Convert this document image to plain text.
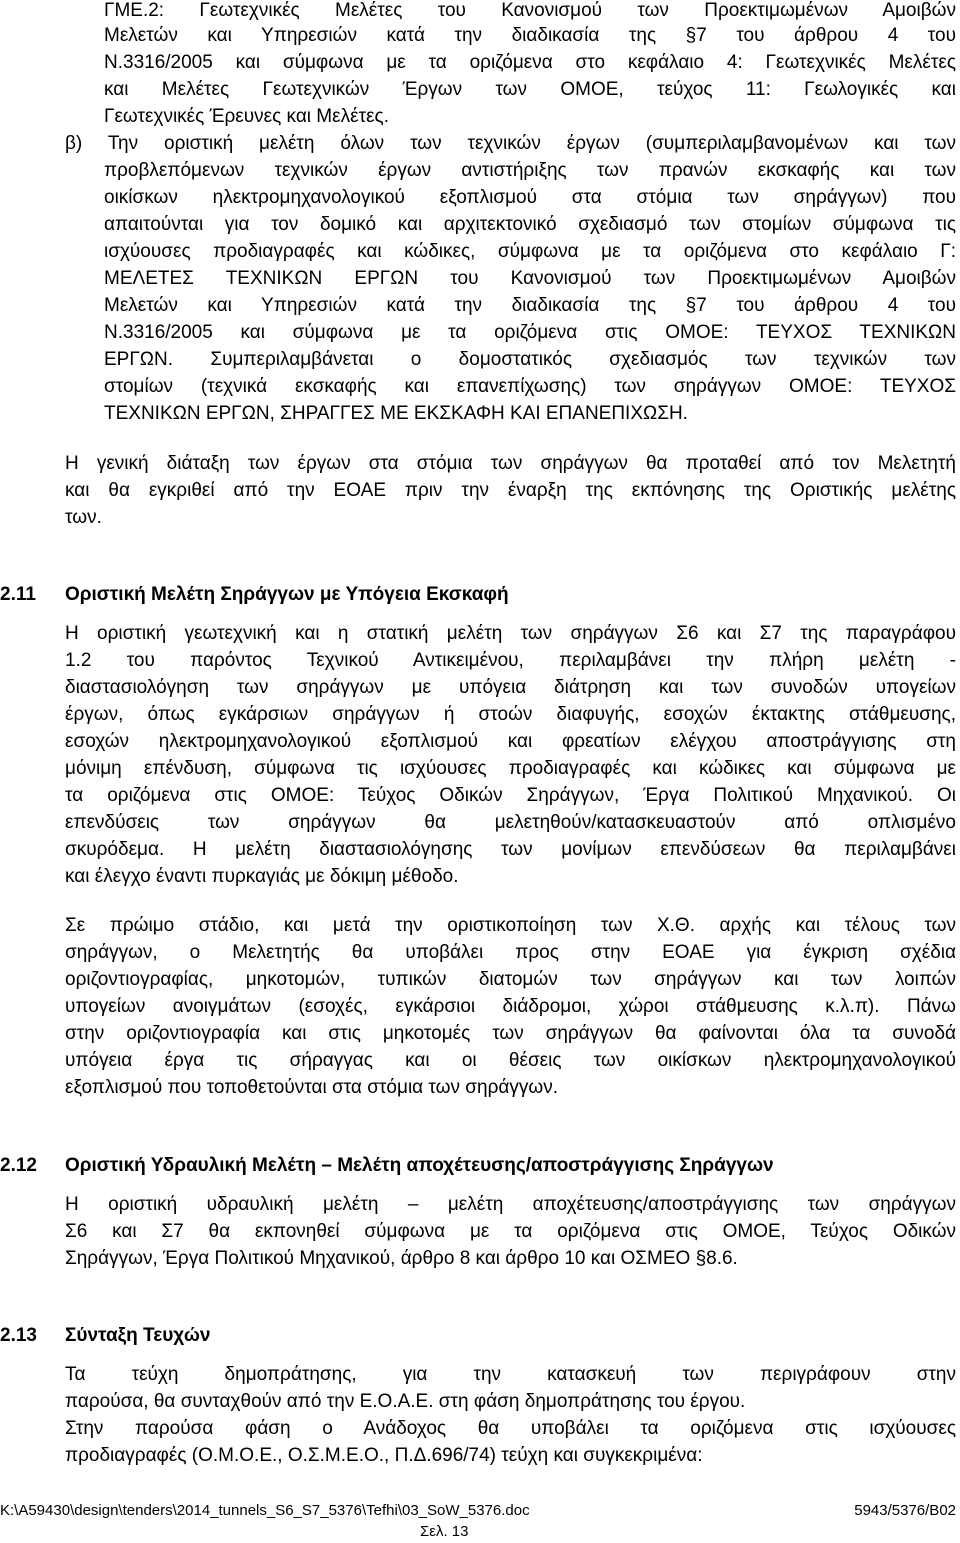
ΓΜΕ.2: Γεωτεχνικές Μελέτες του Κανονισμού των Προεκτιμωμένων Αμοιβών
Μελετών και Υπηρεσιών κατά την διαδικασία της §7 του άρθρου 4 του
Ν.3316/2005 και σύμφωνα με τα οριζόμενα στο κεφάλαιο 4: Γεωτεχνικές Μελέτες
και Μελέτες Γεωτεχνικών Έργων των ΟΜΟΕ, τεύχος 11: Γεωλογικές και
Γεωτεχνικές Έρευνες και Μελέτες.
β) Την οριστική μελέτη όλων των τεχνικών έργων (συμπεριλαμβανομένων και των
προβλεπόμενων τεχνικών έργων αντιστήριξης των πρανών εκσκαφής και των
οικίσκων ηλεκτρομηχανολογικού εξοπλισμού στα στόμια των σηράγγων) που
απαιτούνται για τον δομικό και αρχιτεκτονικό σχεδιασμό των στομίων σύμφωνα τις
ισχύουσες προδιαγραφές και κώδικες, σύμφωνα με τα οριζόμενα στο κεφάλαιο Γ:
ΜΕΛΕΤΕΣ ΤΕΧΝΙΚΩΝ ΕΡΓΩΝ του Κανονισμού των Προεκτιμωμένων Αμοιβών
Μελετών και Υπηρεσιών κατά την διαδικασία της §7 του άρθρου 4 του
Ν.3316/2005 και σύμφωνα με τα οριζόμενα στις ΟΜΟΕ: ΤΕΥΧΟΣ ΤΕΧΝΙΚΩΝ
ΕΡΓΩΝ. Συμπεριλαμβάνεται ο δομοστατικός σχεδιασμός των τεχνικών των
στομίων (τεχνικά εκσκαφής και επανεπίχωσης) των σηράγγων ΟΜΟΕ: ΤΕΥΧΟΣ
ΤΕΧΝΙΚΩΝ ΕΡΓΩΝ, ΣΗΡΑΓΓΕΣ ΜΕ ΕΚΣΚΑΦΗ ΚΑΙ ΕΠΑΝΕΠΙΧΩΣΗ.
Η γενική διάταξη των έργων στα στόμια των σηράγγων θα προταθεί από τον Μελετητή
και θα εγκριθεί από την ΕΟΑΕ πριν την έναρξη της εκπόνησης της Οριστικής μελέτης
των.
2.11 Οριστική Μελέτη Σηράγγων με Υπόγεια Εκσκαφή
Η οριστική γεωτεχνική και η στατική μελέτη των σηράγγων Σ6 και Σ7 της παραγράφου
1.2 του παρόντος Τεχνικού Αντικειμένου, περιλαμβάνει την πλήρη μελέτη -
διαστασιολόγηση των σηράγγων με υπόγεια διάτρηση και των συνοδών υπογείων
έργων, όπως εγκάρσιων σηράγγων ή στοών διαφυγής, εσοχών έκτακτης στάθμευσης,
εσοχών ηλεκτρομηχανολογικού εξοπλισμού και φρεατίων ελέγχου αποστράγγισης στη
μόνιμη επένδυση, σύμφωνα τις ισχύουσες προδιαγραφές και κώδικες και σύμφωνα με
τα οριζόμενα στις ΟΜΟΕ: Τεύχος Οδικών Σηράγγων, Έργα Πολιτικού Μηχανικού. Οι
επενδύσεις των σηράγγων θα μελετηθούν/κατασκευαστούν από οπλισμένο
σκυρόδεμα. Η μελέτη διαστασιολόγησης των μονίμων επενδύσεων θα περιλαμβάνει
και έλεγχο έναντι πυρκαγιάς με δόκιμη μέθοδο.
Σε πρώιμο στάδιο, και μετά την οριστικοποίηση των Χ.Θ. αρχής και τέλους των
σηράγγων, ο Μελετητής θα υποβάλει προς στην ΕΟΑΕ για έγκριση σχέδια
οριζοντιογραφίας, μηκοτομών, τυπικών διατομών των σηράγγων και των λοιπών
υπογείων ανοιγμάτων (εσοχές, εγκάρσιοι διάδρομοι, χώροι στάθμευσης κ.λ.π). Πάνω
στην οριζοντιογραφία και στις μηκοτομές των σηράγγων θα φαίνονται όλα τα συνοδά
υπόγεια έργα τις σήραγγας και οι θέσεις των οικίσκων ηλεκτρομηχανολογικού
εξοπλισμού που τοποθετούνται στα στόμια των σηράγγων.
2.12 Οριστική Υδραυλική Μελέτη – Μελέτη αποχέτευσης/αποστράγγισης Σηράγγων
Η οριστική υδραυλική μελέτη – μελέτη αποχέτευσης/αποστράγγισης των σηράγγων
Σ6 και Σ7 θα εκπονηθεί σύμφωνα με τα οριζόμενα στις ΟΜΟΕ, Τεύχος Οδικών
Σηράγγων, Έργα Πολιτικού Μηχανικού, άρθρο 8 και άρθρο 10 και ΟΣΜΕΟ §8.6.
2.13 Σύνταξη Τευχών
Τα τεύχη δημοπράτησης, για την κατασκευή των περιγράφουν στην
παρούσα, θα συνταχθούν από την Ε.Ο.Α.Ε. στη φάση δημοπράτησης του έργου.
Στην παρούσα φάση ο Ανάδοχος θα υποβάλει τα οριζόμενα στις ισχύουσες
προδιαγραφές (Ο.Μ.Ο.Ε., Ο.Σ.Μ.Ε.Ο., Π.Δ.696/74) τεύχη και συγκεκριμένα:
K:\A59430\design\tenders\2014_tunnels_S6_S7_5376\Tefhi\03_SoW_5376.doc	5943/5376/B02
Σελ. 13
